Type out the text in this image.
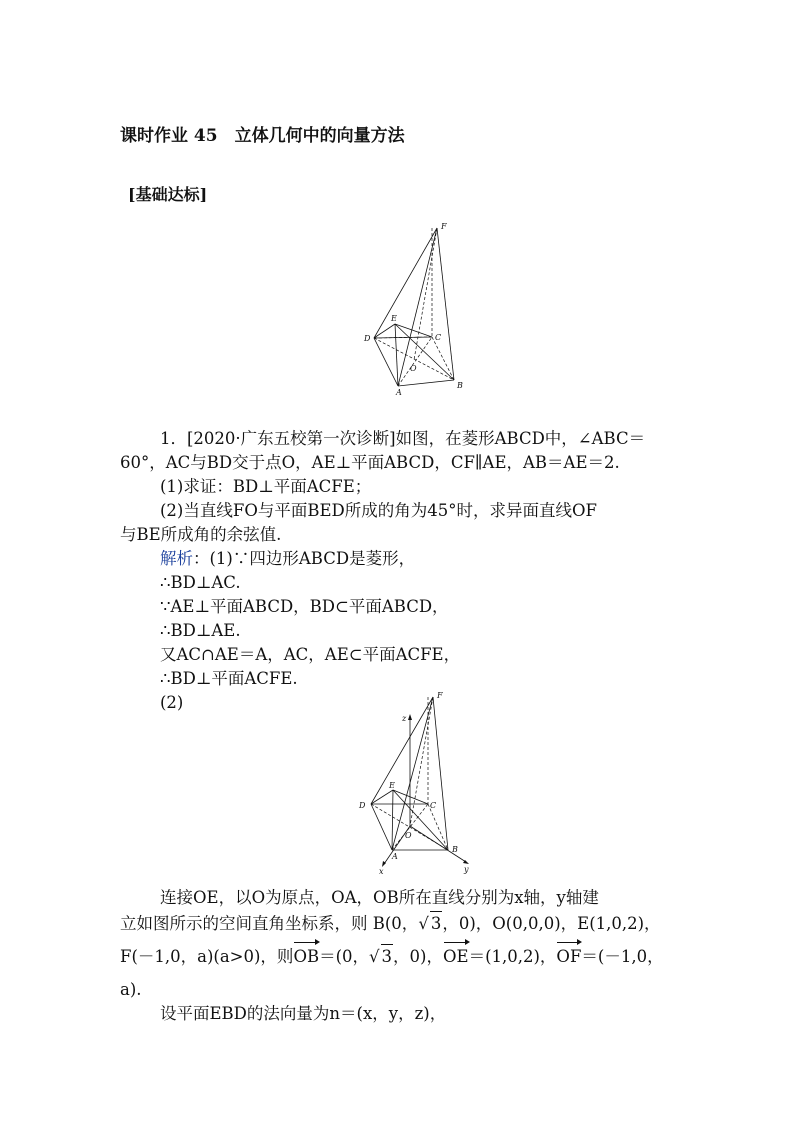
课时作业 45　立体几何中的向量方法
[基础达标]
F
E
D	C
O
A
B
1．[2020·广东五校第一次诊断]如图，在菱形ABCD中，∠ABC＝
60°，AC与BD交于点O，AE⊥平面ABCD，CF∥AE，AB＝AE＝2.
(1)求证：BD⊥平面ACFE；
(2)当直线FO与平面BED所成的角为45°时，求异面直线OF
与BE所成角的余弦值.
解析：(1)∵四边形ABCD是菱形，
∴BD⊥AC.
∵AE⊥平面ABCD，BD⊂平面ABCD，
∴BD⊥AE.
又AC∩AE＝A，AC，AE⊂平面ACFE，
∴BD⊥平面ACFE.
(2)	F
z
E
D	C
O
A
B
x	y
连接OE，以O为原点，OA，OB所在直线分别为x轴，y轴建
立如图所示的空间直角坐标系，则 B(0，√ 3，0)，O(0,0,0)，E(1,0,2)，
F(－1,0，a)(a>0)，则OB＝(0，√ 3，0)，OE＝(1,0,2)，OF＝(－1,0，
a).
设平面EBD的法向量为n＝(x，y，z)，
